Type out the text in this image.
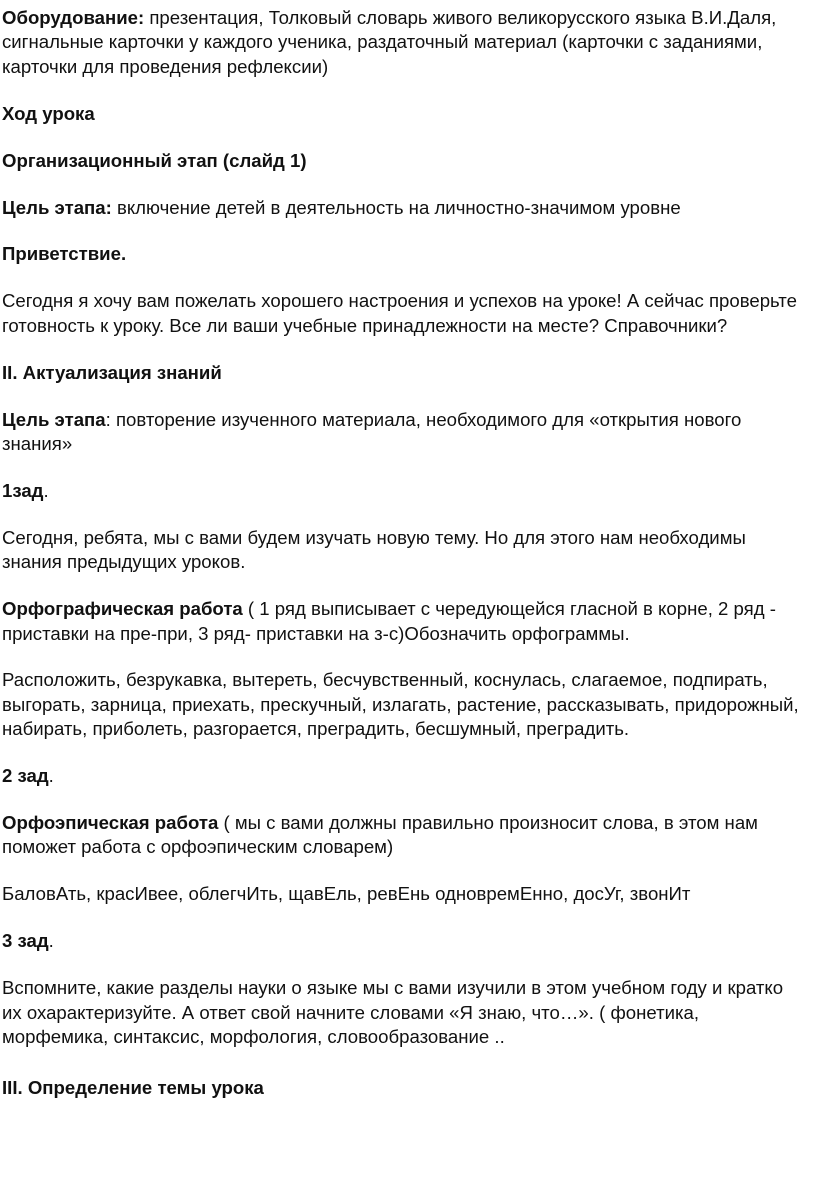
Оборудование: презентация, Толковый словарь живого великорусского языка В.И.Даля, сигнальные карточки у каждого ученика, раздаточный материал (карточки с заданиями, карточки для проведения рефлексии)

Ход урока

Организационный этап (слайд 1)

Цель этапа: включение детей в деятельность на личностно-значимом уровне

Приветствие.

Сегодня я хочу вам пожелать хорошего настроения и успехов на уроке! А сейчас проверьте готовность к уроку. Все ли ваши учебные принадлежности на месте? Справочники?

II. Актуализация знаний

Цель этапа: повторение изученного материала, необходимого для «открытия нового знания»

1зад.

Сегодня, ребята, мы с вами будем изучать новую тему. Но для этого нам необходимы знания предыдущих уроков.

Орфографическая работа ( 1 ряд выписывает с чередующейся гласной в корне, 2 ряд - приставки на пре-при, 3 ряд- приставки на з-с)Обозначить орфограммы.

Расположить, безрукавка, вытереть, бесчувственный, коснулась, слагаемое, подпирать, выгорать, зарница, приехать, прескучный, излагать, растение, рассказывать, придорожный, набирать, приболеть, разгорается, преградить, бесшумный, преградить.

2 зад.

Орфоэпическая работа ( мы с вами должны правильно произносит слова, в этом нам поможет работа с орфоэпическим словарем)

БаловАть, красИвее, облегчИть, щавЕль, ревЕнь одновремЕнно, досУг, звонИт

3 зад.

Вспомните, какие разделы науки о языке мы с вами изучили в этом учебном году и кратко их охарактеризуйте. А ответ свой начните словами «Я знаю, что…». ( фонетика, морфемика, синтаксис, морфология, словообразование ..

III. Определение темы урока
